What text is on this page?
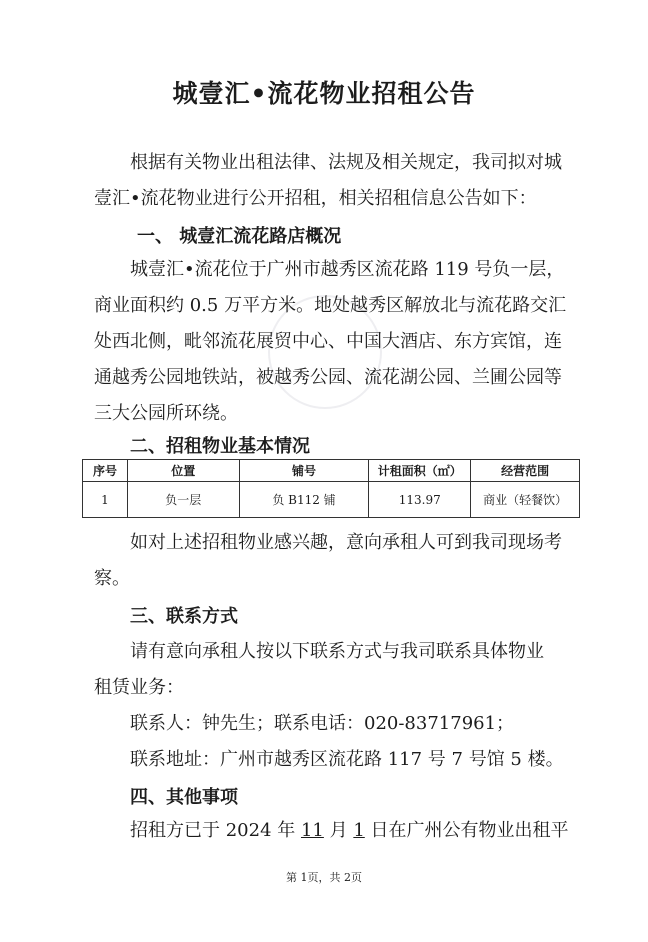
城壹汇•流花物业招租公告
根据有关物业出租法律、法规及相关规定，我司拟对城
壹汇•流花物业进行公开招租，相关招租信息公告如下：
一、 城壹汇流花路店概况
城壹汇•流花位于广州市越秀区流花路 119 号负一层，
商业面积约 0.5 万平方米。地处越秀区解放北与流花路交汇
处西北侧，毗邻流花展贸中心、中国大酒店、东方宾馆，连
通越秀公园地铁站，被越秀公园、流花湖公园、兰圃公园等
三大公园所环绕。
二、招租物业基本情况
序号	位置	铺号	计租面积（㎡）	经营范围
1	负一层	负 B112 铺	113.97	商业（轻餐饮）
如对上述招租物业感兴趣，意向承租人可到我司现场考
察。
三、联系方式
请有意向承租人按以下联系方式与我司联系具体物业
租赁业务：
联系人：钟先生；联系电话：020-83717961；
联系地址：广州市越秀区流花路 117 号 7 号馆 5 楼。
四、其他事项
招租方已于 2024 年 11 月 1 日在广州公有物业出租平
第 1页，共 2页
